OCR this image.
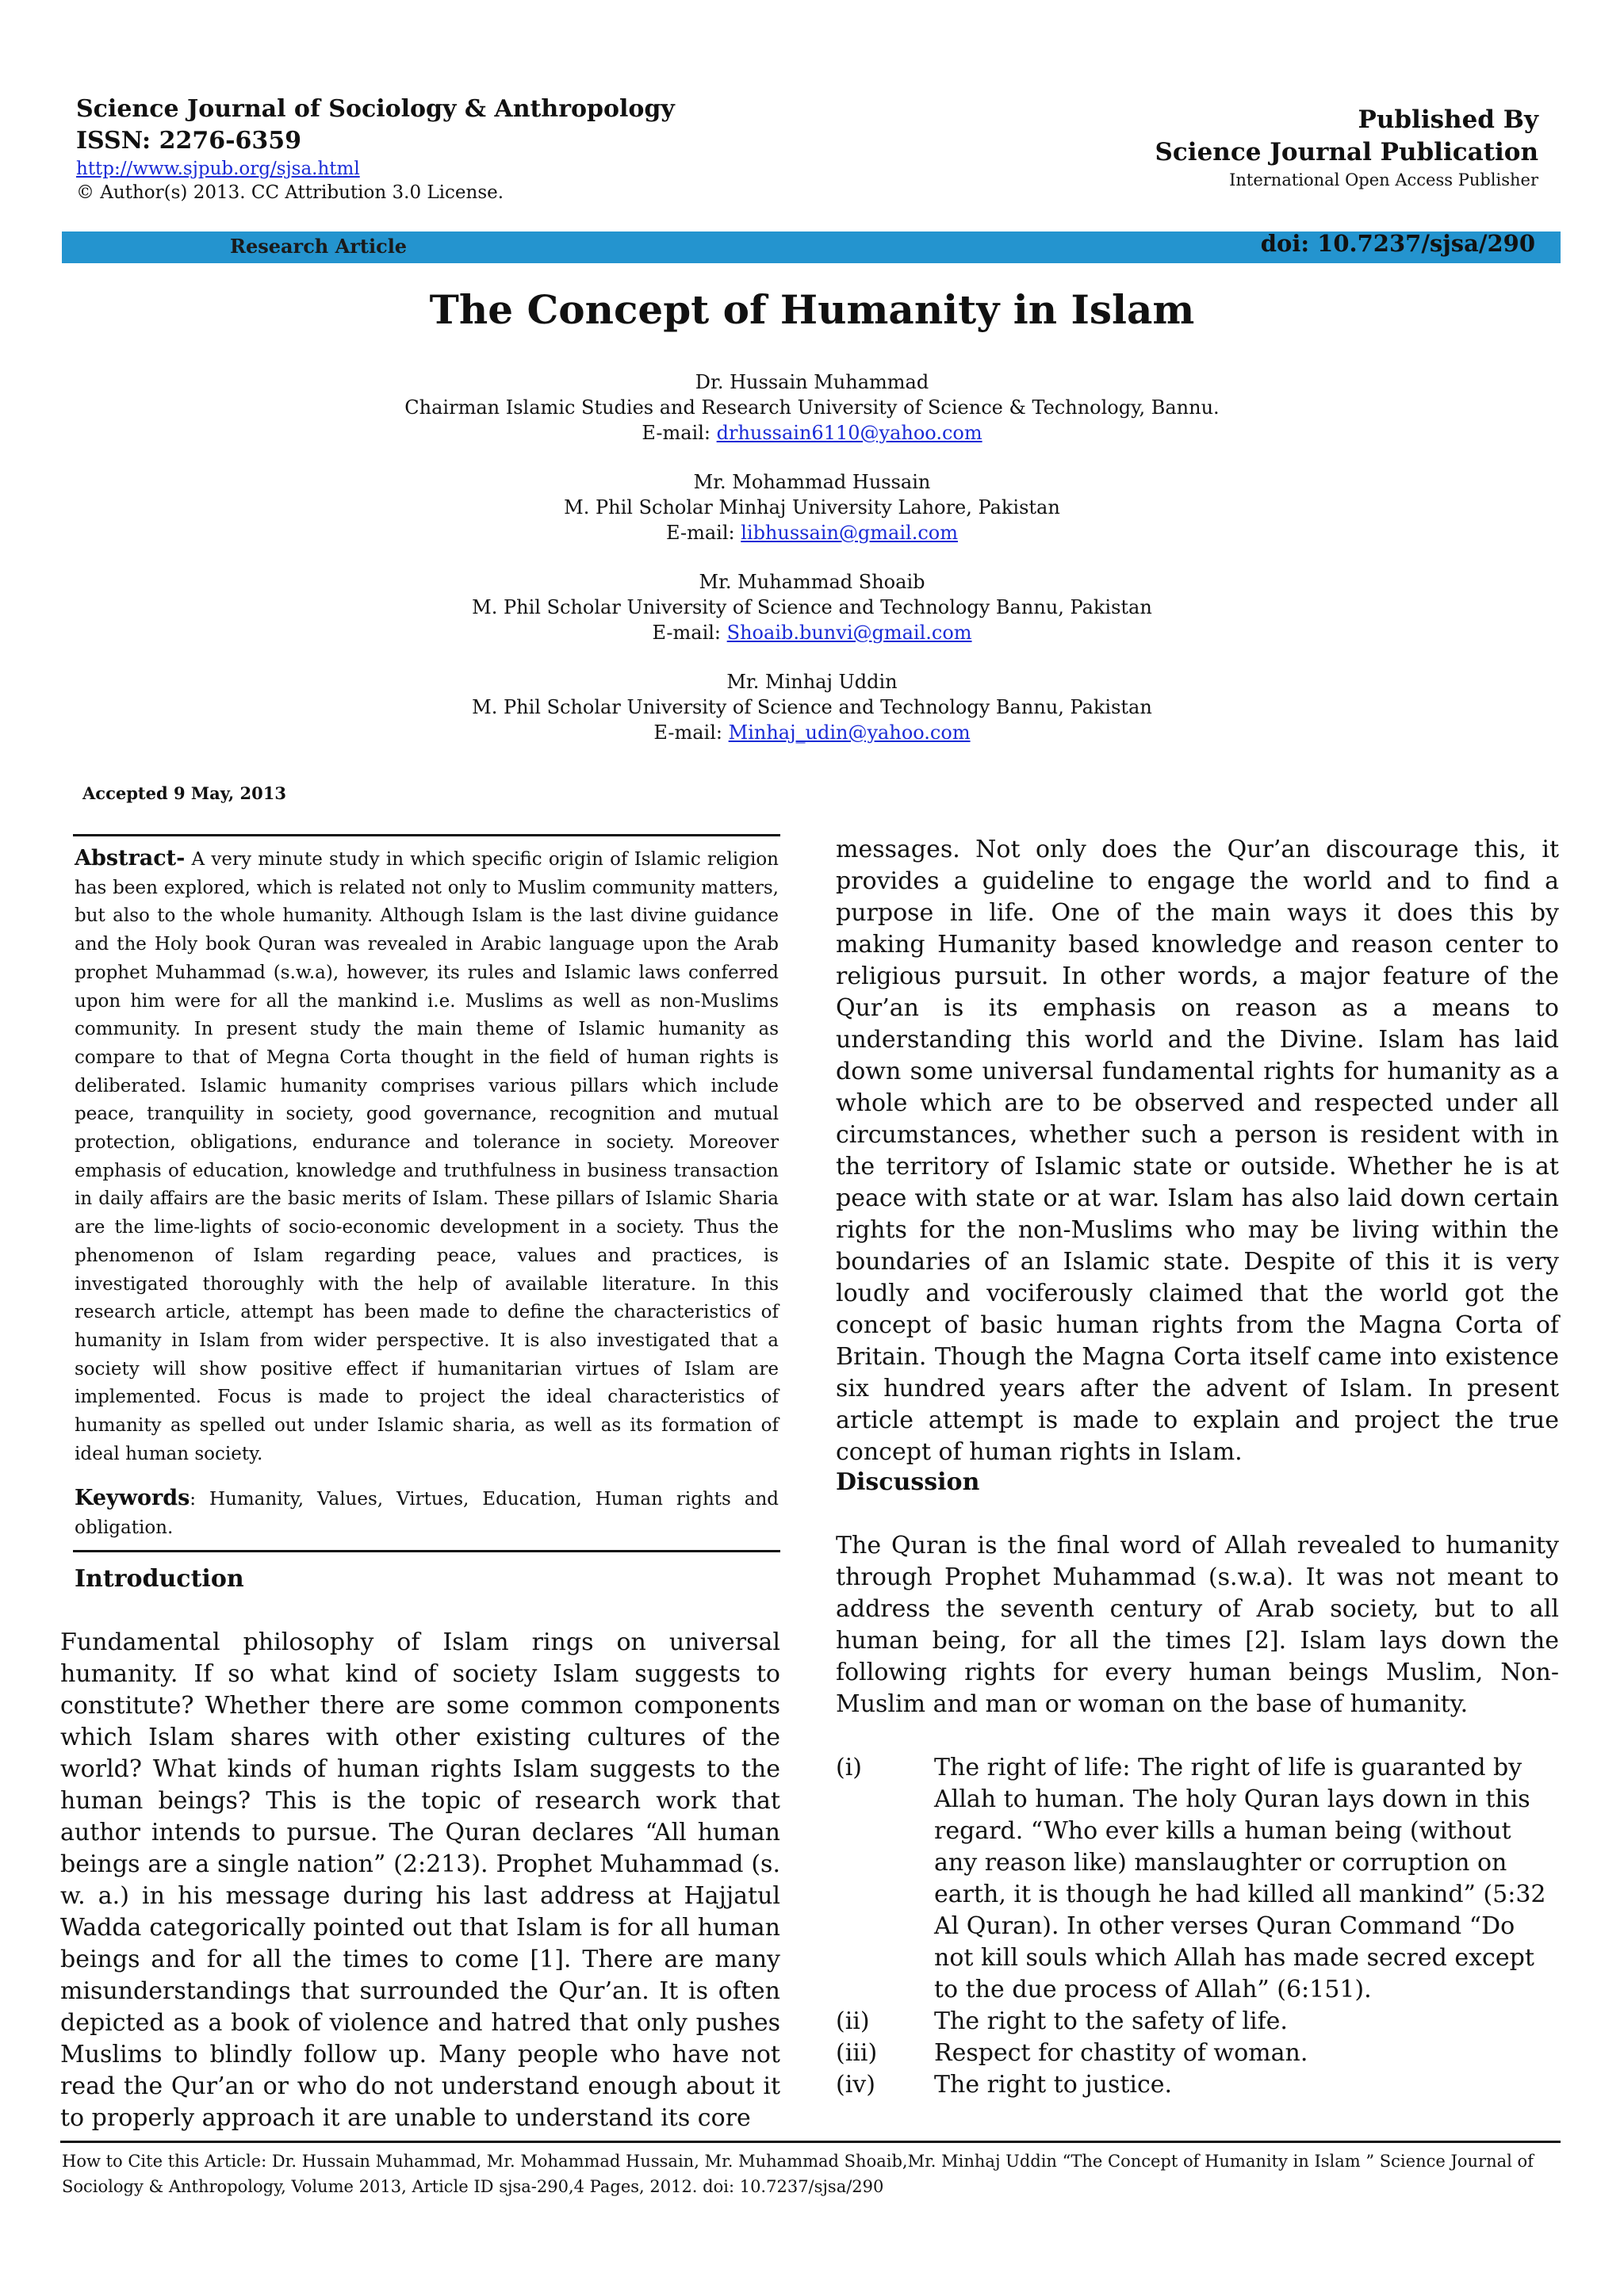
Science Journal of Sociology & Anthropology
ISSN: 2276-6359
http://www.sjpub.org/sjsa.html
© Author(s) 2013. CC Attribution 3.0 License.
Published By
Science Journal Publication
International Open Access Publisher
Research Article	doi: 10.7237/sjsa/290
The Concept of Humanity in Islam
Dr. Hussain Muhammad
Chairman Islamic Studies and Research University of Science & Technology, Bannu.
E-mail: drhussain6110@yahoo.com
Mr. Mohammad Hussain
M. Phil Scholar Minhaj University Lahore, Pakistan
E-mail: libhussain@gmail.com
Mr. Muhammad Shoaib
M. Phil Scholar University of Science and Technology Bannu, Pakistan
E-mail: Shoaib.bunvi@gmail.com
Mr. Minhaj Uddin
M. Phil Scholar University of Science and Technology Bannu, Pakistan
E-mail: Minhaj_udin@yahoo.com
Accepted 9 May, 2013

Abstract- A very minute study in which specific origin of Islamic religion has been explored, which is related not only to Muslim community matters, but also to the whole humanity. Although Islam is the last divine guidance and the Holy book Quran was revealed in Arabic language upon the Arab prophet Muhammad (s.w.a), however, its rules and Islamic laws conferred upon him were for all the mankind i.e. Muslims as well as non-Muslims community. In present study the main theme of Islamic humanity as compare to that of Megna Corta thought in the field of human rights is deliberated. Islamic humanity comprises various pillars which include peace, tranquility in society, good governance, recognition and mutual protection, obligations, endurance and tolerance in society. Moreover emphasis of education, knowledge and truthfulness in business transaction in daily affairs are the basic merits of Islam. These pillars of Islamic Sharia are the lime-lights of socio-economic development in a society. Thus the phenomenon of Islam regarding peace, values and practices, is investigated thoroughly with the help of available literature. In this research article, attempt has been made to define the characteristics of humanity in Islam from wider perspective. It is also investigated that a society will show positive effect if humanitarian virtues of Islam are implemented. Focus is made to project the ideal characteristics of humanity as spelled out under Islamic sharia, as well as its formation of ideal human society.

Keywords: Humanity, Values, Virtues, Education, Human rights and obligation.

Introduction

Fundamental philosophy of Islam rings on universal humanity. If so what kind of society Islam suggests to constitute? Whether there are some common components which Islam shares with other existing cultures of the world? What kinds of human rights Islam suggests to the human beings? This is the topic of research work that author intends to pursue. The Quran declares “All human beings are a single nation” (2:213). Prophet Muhammad (s. w. a.) in his message during his last address at Hajjatul Wadda categorically pointed out that Islam is for all human beings and for all the times to come [1]. There are many misunderstandings that surrounded the Qur’an. It is often depicted as a book of violence and hatred that only pushes Muslims to blindly follow up. Many people who have not read the Qur’an or who do not understand enough about it to properly approach it are unable to understand its core

messages. Not only does the Qur’an discourage this, it provides a guideline to engage the world and to find a purpose in life. One of the main ways it does this by making Humanity based knowledge and reason center to religious pursuit. In other words, a major feature of the Qur’an is its emphasis on reason as a means to understanding this world and the Divine. Islam has laid down some universal fundamental rights for humanity as a whole which are to be observed and respected under all circumstances, whether such a person is resident with in the territory of Islamic state or outside. Whether he is at peace with state or at war. Islam has also laid down certain rights for the non-Muslims who may be living within the boundaries of an Islamic state. Despite of this it is very loudly and vociferously claimed that the world got the concept of basic human rights from the Magna Corta of Britain. Though the Magna Corta itself came into existence six hundred years after the advent of Islam. In present article attempt is made to explain and project the true concept of human rights in Islam.

Discussion

The Quran is the final word of Allah revealed to humanity through Prophet Muhammad (s.w.a). It was not meant to address the seventh century of Arab society, but to all human being, for all the times [2]. Islam lays down the following rights for every human beings Muslim, Non-Muslim and man or woman on the base of humanity.

(i)	The right of life: The right of life is guaranted by Allah to human. The holy Quran lays down in this regard. “Who ever kills a human being (without any reason like) manslaughter or corruption on earth, it is though he had killed all mankind” (5:32 Al Quran). In other verses Quran Command “Do not kill souls which Allah has made secred except to the due process of Allah” (6:151).
(ii)	The right to the safety of life.
(iii)	Respect for chastity of woman.
(iv)	The right to justice.

How to Cite this Article: Dr. Hussain Muhammad, Mr. Mohammad Hussain, Mr. Muhammad Shoaib,Mr. Minhaj Uddin “The Concept of Humanity in Islam ” Science Journal of Sociology & Anthropology, Volume 2013, Article ID sjsa-290,4 Pages, 2012. doi: 10.7237/sjsa/290
